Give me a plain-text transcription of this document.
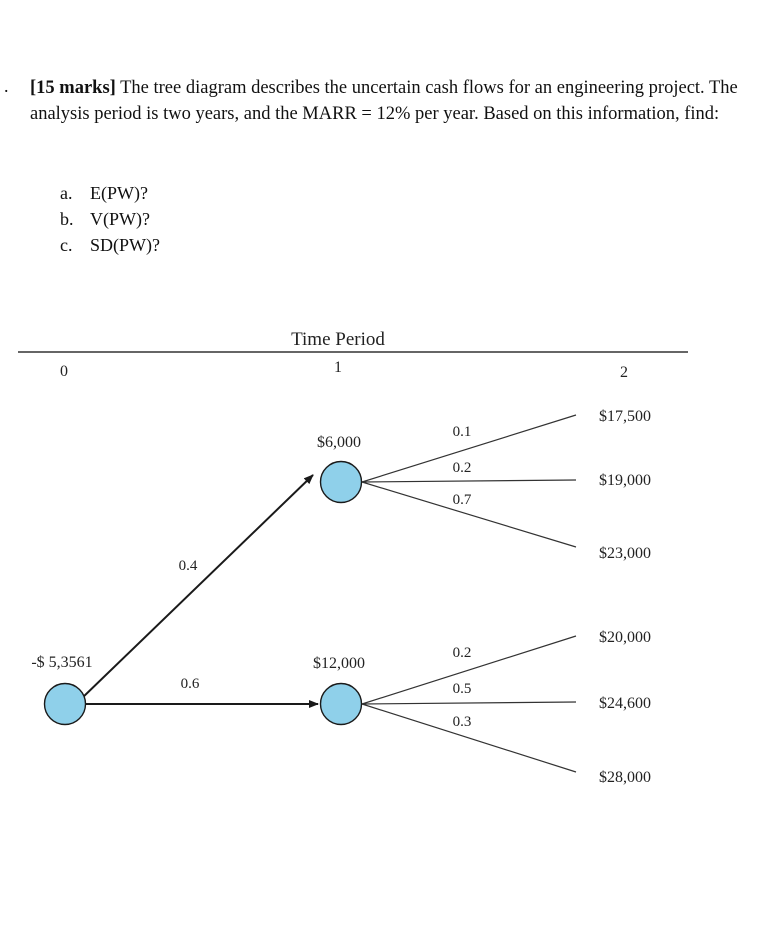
. [15 marks] The tree diagram describes the uncertain cash flows for an engineering project. The analysis period is two years, and the MARR = 12% per year. Based on this information, find:
a. E(PW)?
b. V(PW)?
c. SD(PW)?
Time Period
0	1	2
-$ 5,3561
$6,000
$12,000
0.4
0.6
0.1
0.2
0.7
0.2
0.5
0.3
$17,500
$19,000
$23,000
$20,000
$24,600
$28,000
